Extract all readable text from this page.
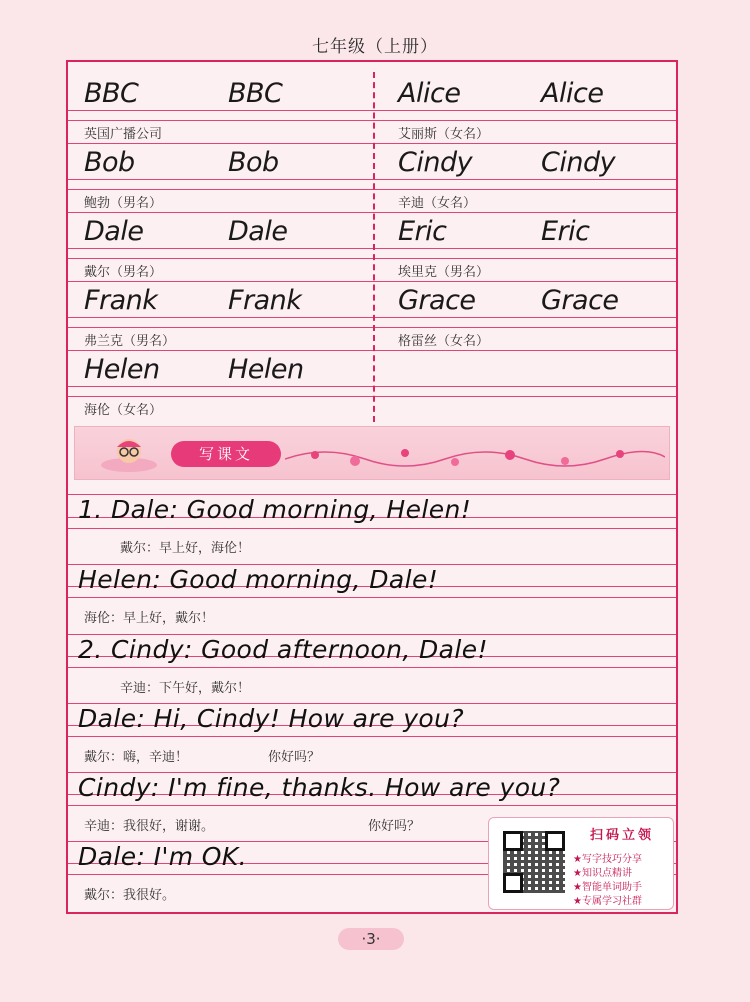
七年级（上册）
BBC	BBC
英国广播公司
Bob	Bob
鲍勃（男名）
Dale	Dale
戴尔（男名）
Frank	Frank
弗兰克（男名）
Helen	Helen
海伦（女名）
Alice	Alice
艾丽斯（女名）
Cindy	Cindy
辛迪（女名）
Eric	Eric
埃里克（男名）
Grace Grace
格雷丝（女名）
写课文
1. Dale: Good morning, Helen!
戴尔：早上好，海伦！
Helen: Good morning, Dale!
海伦：早上好，戴尔！
2. Cindy: Good afternoon, Dale!
辛迪：下午好，戴尔！
Dale: Hi, Cindy! How are you?
戴尔：嗨，辛迪！	你好吗？
Cindy: I'm fine, thanks. How are you?
辛迪：我很好，谢谢。	你好吗？
Dale: I'm OK.
戴尔：我很好。
扫码立领
★写字技巧分享
★知识点精讲
★智能单词助手
★专属学习社群
·3·
